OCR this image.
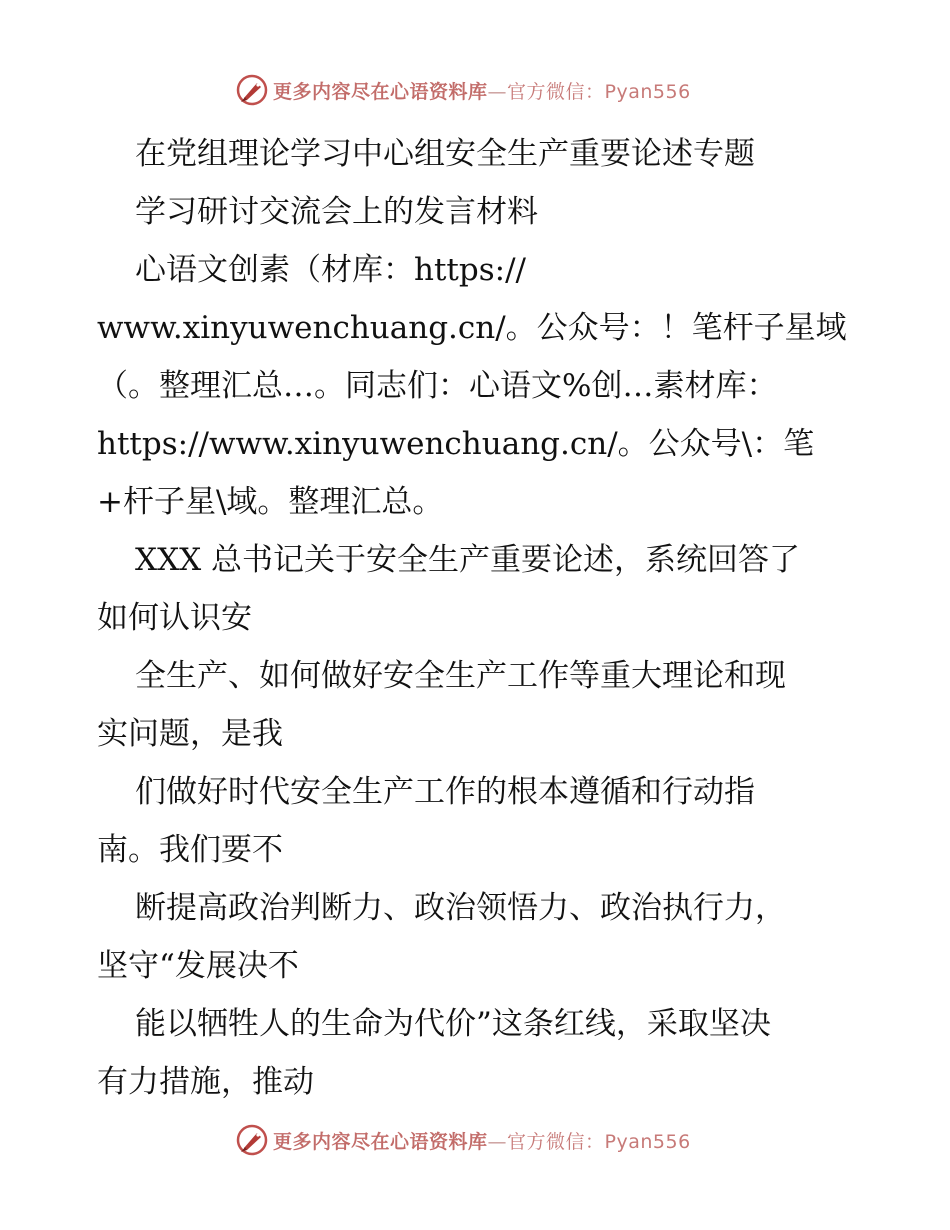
更多内容尽在心语资料库—官方微信：Pyan556
在党组理论学习中心组安全生产重要论述专题
学习研讨交流会上的发言材料
心语文创素（材库：https://
www.xinyuwenchuang.cn/。公众号：！笔杆子星域
（。整理汇总…。同志们：心语文%创…素材库：
https://www.xinyuwenchuang.cn/。公众号\：笔
+杆子星\域。整理汇总。
XXX 总书记关于安全生产重要论述，系统回答了
如何认识安
全生产、如何做好安全生产工作等重大理论和现
实问题，是我
们做好时代安全生产工作的根本遵循和行动指
南。我们要不
断提高政治判断力、政治领悟力、政治执行力，
坚守“发展决不
能以牺牲人的生命为代价”这条红线，采取坚决
有力措施，推动
更多内容尽在心语资料库—官方微信：Pyan556
